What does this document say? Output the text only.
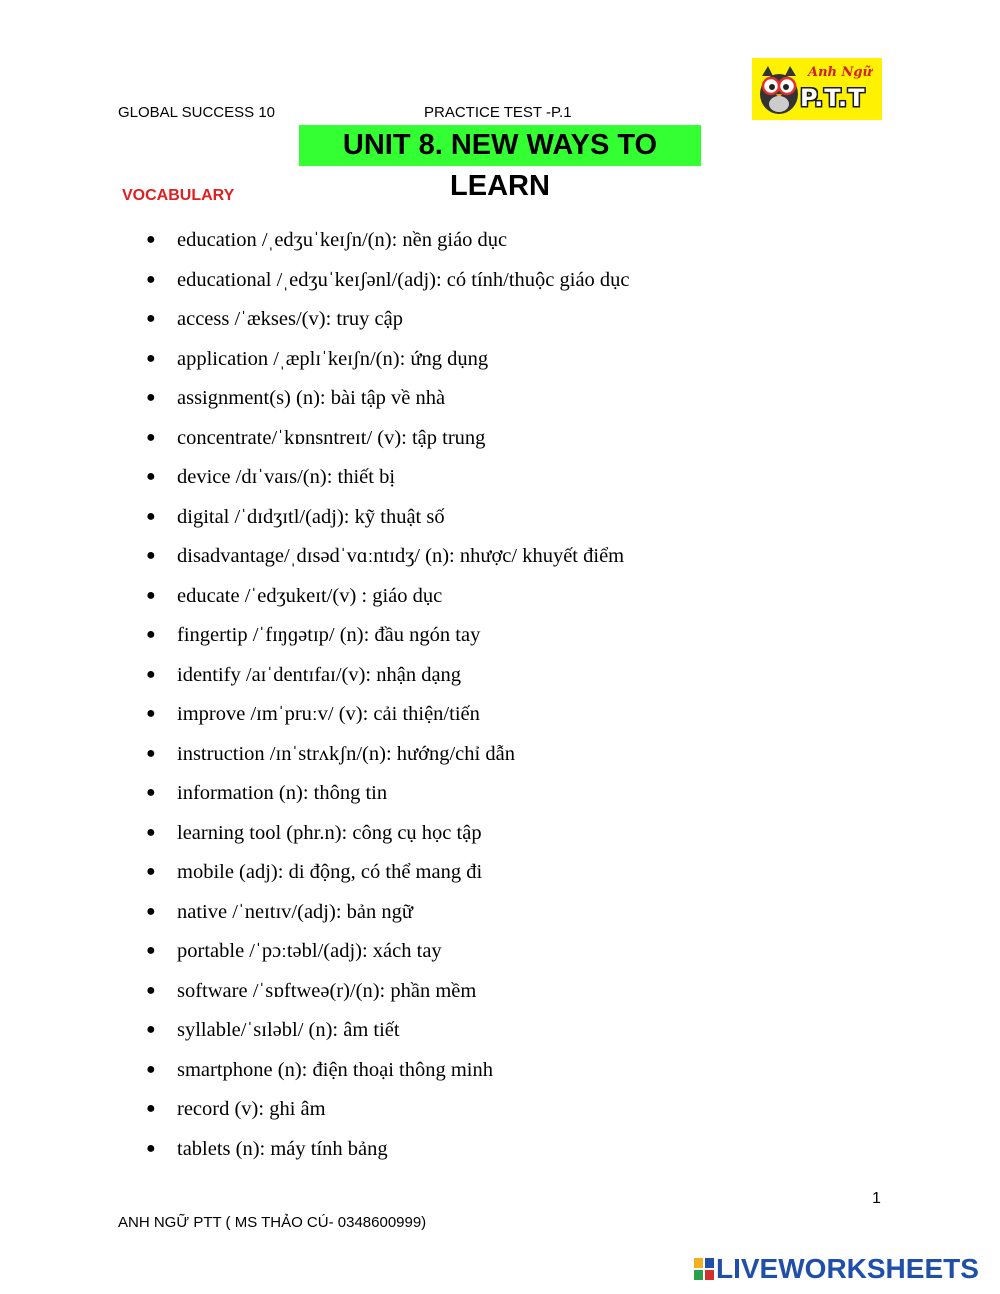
GLOBAL SUCCESS 10	PRACTICE TEST -P.1
Anh Ngữ
P.T.T
UNIT 8. NEW WAYS TO LEARN
VOCABULARY
● education /ˌedʒuˈkeɪʃn/(n): nền giáo dục
● educational /ˌedʒuˈkeɪʃənl/(adj): có tính/thuộc giáo dục
● access /ˈækses/(v): truy cập
● application /ˌæplɪˈkeɪʃn/(n): ứng dụng
● assignment(s) (n): bài tập về nhà
● concentrate/ˈkɒnsntreɪt/ (v): tập trung
● device /dɪˈvaɪs/(n): thiết bị
● digital /ˈdɪdʒɪtl/(adj): kỹ thuật số
● disadvantage/ˌdɪsədˈvɑːntɪdʒ/ (n): nhược/ khuyết điểm
● educate /ˈedʒukeɪt/(v) : giáo dục
● fingertip /ˈfɪŋɡətɪp/ (n): đầu ngón tay
● identify /aɪˈdentɪfaɪ/(v): nhận dạng
● improve /ɪmˈpruːv/ (v): cải thiện/tiến
● instruction /ɪnˈstrʌkʃn/(n): hướng/chỉ dẫn
● information (n): thông tin
● learning tool (phr.n): công cụ học tập
● mobile (adj): di động, có thể mang đi
● native /ˈneɪtɪv/(adj): bản ngữ
● portable /ˈpɔːtəbl/(adj): xách tay
● software /ˈsɒftweə(r)/(n): phần mềm
● syllable/ˈsɪləbl/ (n): âm tiết
● smartphone (n): điện thoại thông minh
● record (v): ghi âm
● tablets (n): máy tính bảng
1
ANH NGỮ PTT ( MS THẢO CÚ- 0348600999)
LIVEWORKSHEETS
